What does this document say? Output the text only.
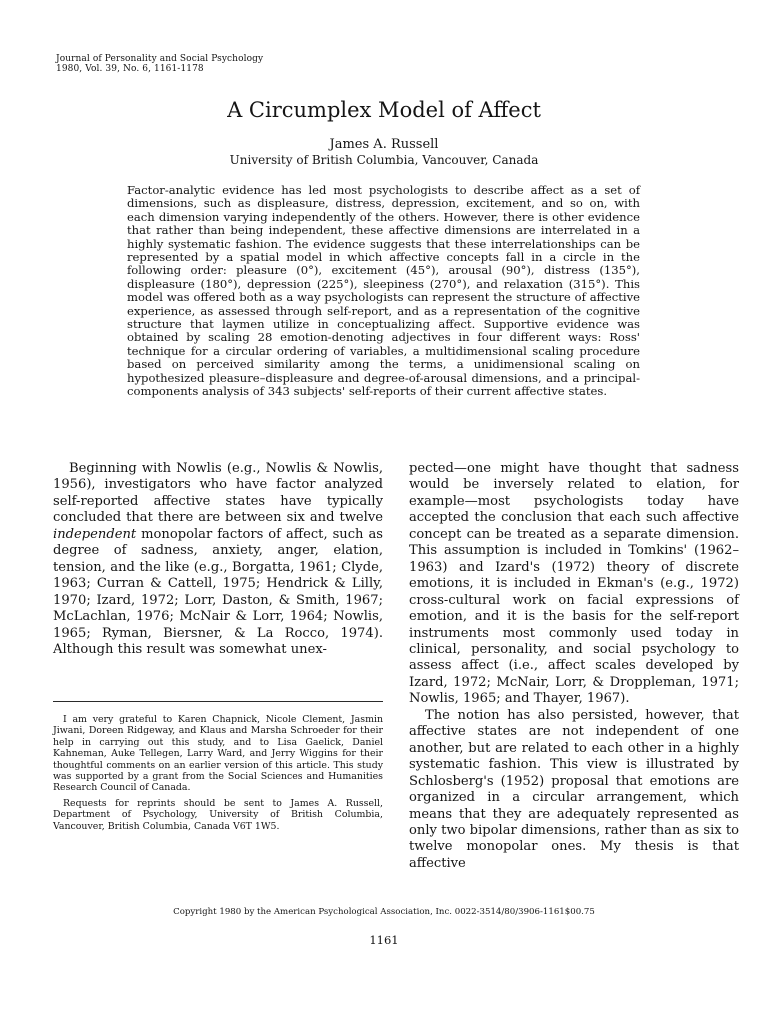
Journal of Personality and Social Psychology
1980, Vol. 39, No. 6, 1161-1178
A Circumplex Model of Affect
James A. Russell
University of British Columbia, Vancouver, Canada
Factor-analytic evidence has led most psychologists to describe affect as a set of dimensions, such as displeasure, distress, depression, excitement, and so on, with each dimension varying independently of the others. However, there is other evidence that rather than being independent, these affective dimensions are interrelated in a highly systematic fashion. The evidence suggests that these interrelationships can be represented by a spatial model in which affective concepts fall in a circle in the following order: pleasure (0°), excitement (45°), arousal (90°), distress (135°), displeasure (180°), depression (225°), sleepiness (270°), and relaxation (315°). This model was offered both as a way psychologists can represent the structure of affective experience, as assessed through self-report, and as a representation of the cognitive structure that laymen utilize in conceptualizing affect. Supportive evidence was obtained by scaling 28 emotion-denoting adjectives in four different ways: Ross' technique for a circular ordering of variables, a multidimensional scaling procedure based on perceived similarity among the terms, a unidimensional scaling on hypothesized pleasure–displeasure and degree-of-arousal dimensions, and a principal-components analysis of 343 subjects' self-reports of their current affective states.

Beginning with Nowlis (e.g., Nowlis & Nowlis, 1956), investigators who have factor analyzed self-reported affective states have typically concluded that there are between six and twelve independent monopolar factors of affect, such as degree of sadness, anxiety, anger, elation, tension, and the like (e.g., Borgatta, 1961; Clyde, 1963; Curran & Cattell, 1975; Hendrick & Lilly, 1970; Izard, 1972; Lorr, Daston, & Smith, 1967; McLachlan, 1976; McNair & Lorr, 1964; Nowlis, 1965; Ryman, Biersner, & La Rocco, 1974). Although this result was somewhat unex-

I am very grateful to Karen Chapnick, Nicole Clement, Jasmin Jiwani, Doreen Ridgeway, and Klaus and Marsha Schroeder for their help in carrying out this study, and to Lisa Gaelick, Daniel Kahneman, Auke Tellegen, Larry Ward, and Jerry Wiggins for their thoughtful comments on an earlier version of this article. This study was supported by a grant from the Social Sciences and Humanities Research Council of Canada.

Requests for reprints should be sent to James A. Russell, Department of Psychology, University of British Columbia, Vancouver, British Columbia, Canada V6T 1W5.

pected—one might have thought that sadness would be inversely related to elation, for example—most psychologists today have accepted the conclusion that each such affective concept can be treated as a separate dimension. This assumption is included in Tomkins' (1962–1963) and Izard's (1972) theory of discrete emotions, it is included in Ekman's (e.g., 1972) cross-cultural work on facial expressions of emotion, and it is the basis for the self-report instruments most commonly used today in clinical, personality, and social psychology to assess affect (i.e., affect scales developed by Izard, 1972; McNair, Lorr, & Droppleman, 1971; Nowlis, 1965; and Thayer, 1967).

The notion has also persisted, however, that affective states are not independent of one another, but are related to each other in a highly systematic fashion. This view is illustrated by Schlosberg's (1952) proposal that emotions are organized in a circular arrangement, which means that they are adequately represented as only two bipolar dimensions, rather than as six to twelve monopolar ones. My thesis is that affective

Copyright 1980 by the American Psychological Association, Inc. 0022-3514/80/3906-1161$00.75
1161
